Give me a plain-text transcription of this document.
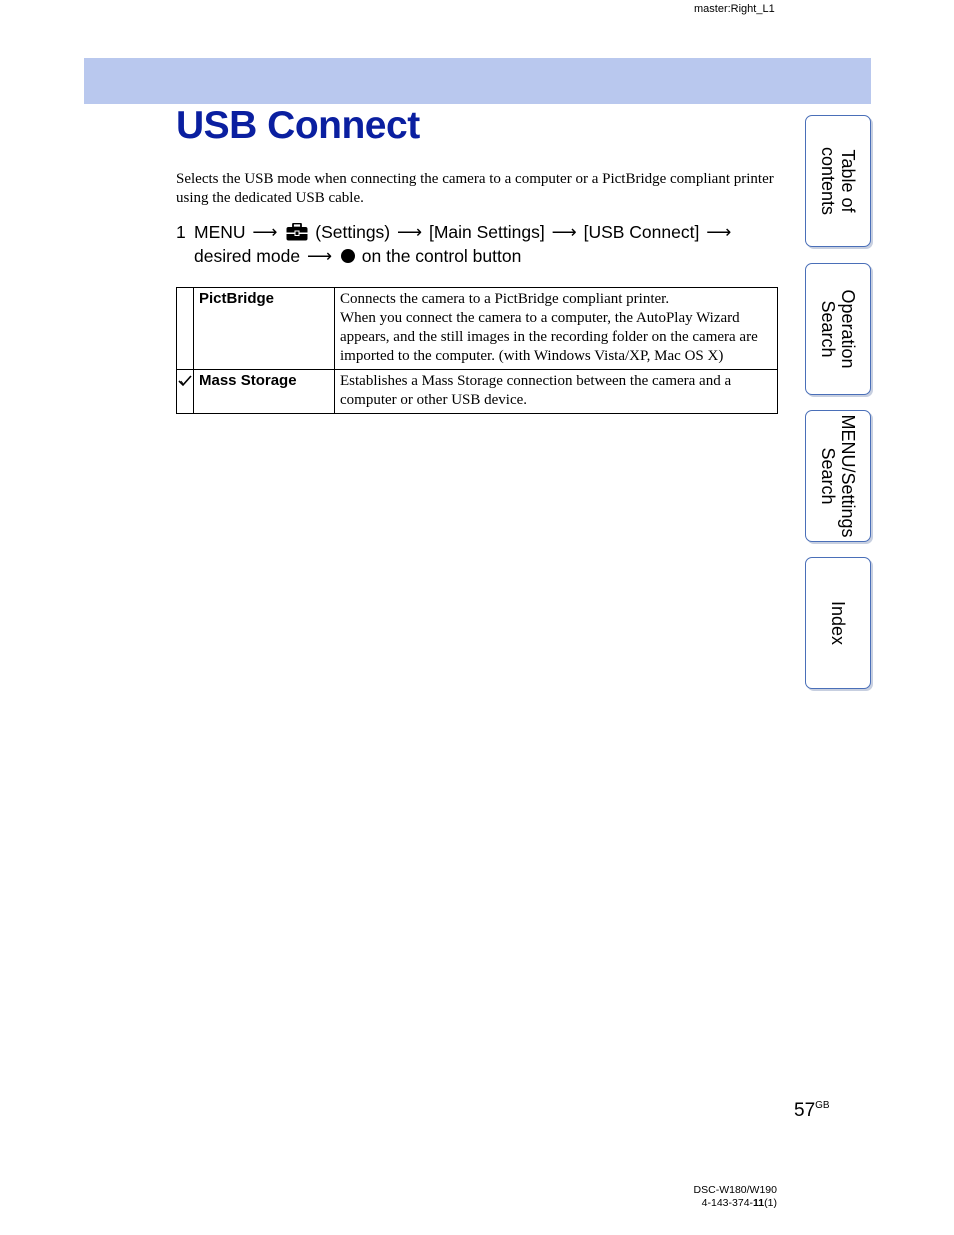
master:Right_L1
USB Connect
Selects the USB mode when connecting the camera to a computer or a PictBridge compliant printer using the dedicated USB cable.
1 MENU ⟶ (Settings) ⟶ [Main Settings] ⟶ [USB Connect] ⟶ desired mode ⟶ on the control button
	PictBridge	Connects the camera to a PictBridge compliant printer.
When you connect the camera to a computer, the AutoPlay Wizard appears, and the still images in the recording folder on the camera are imported to the computer. (with Windows Vista/XP, Mac OS X)

	Mass Storage	Establishes a Mass Storage connection between the camera and a computer or other USB device.
Table of
contents
Operation
Search
MENU/Settings
Search
Index
$57^{GB}$
DSC-W180/W190
4-143-374-11(1)
